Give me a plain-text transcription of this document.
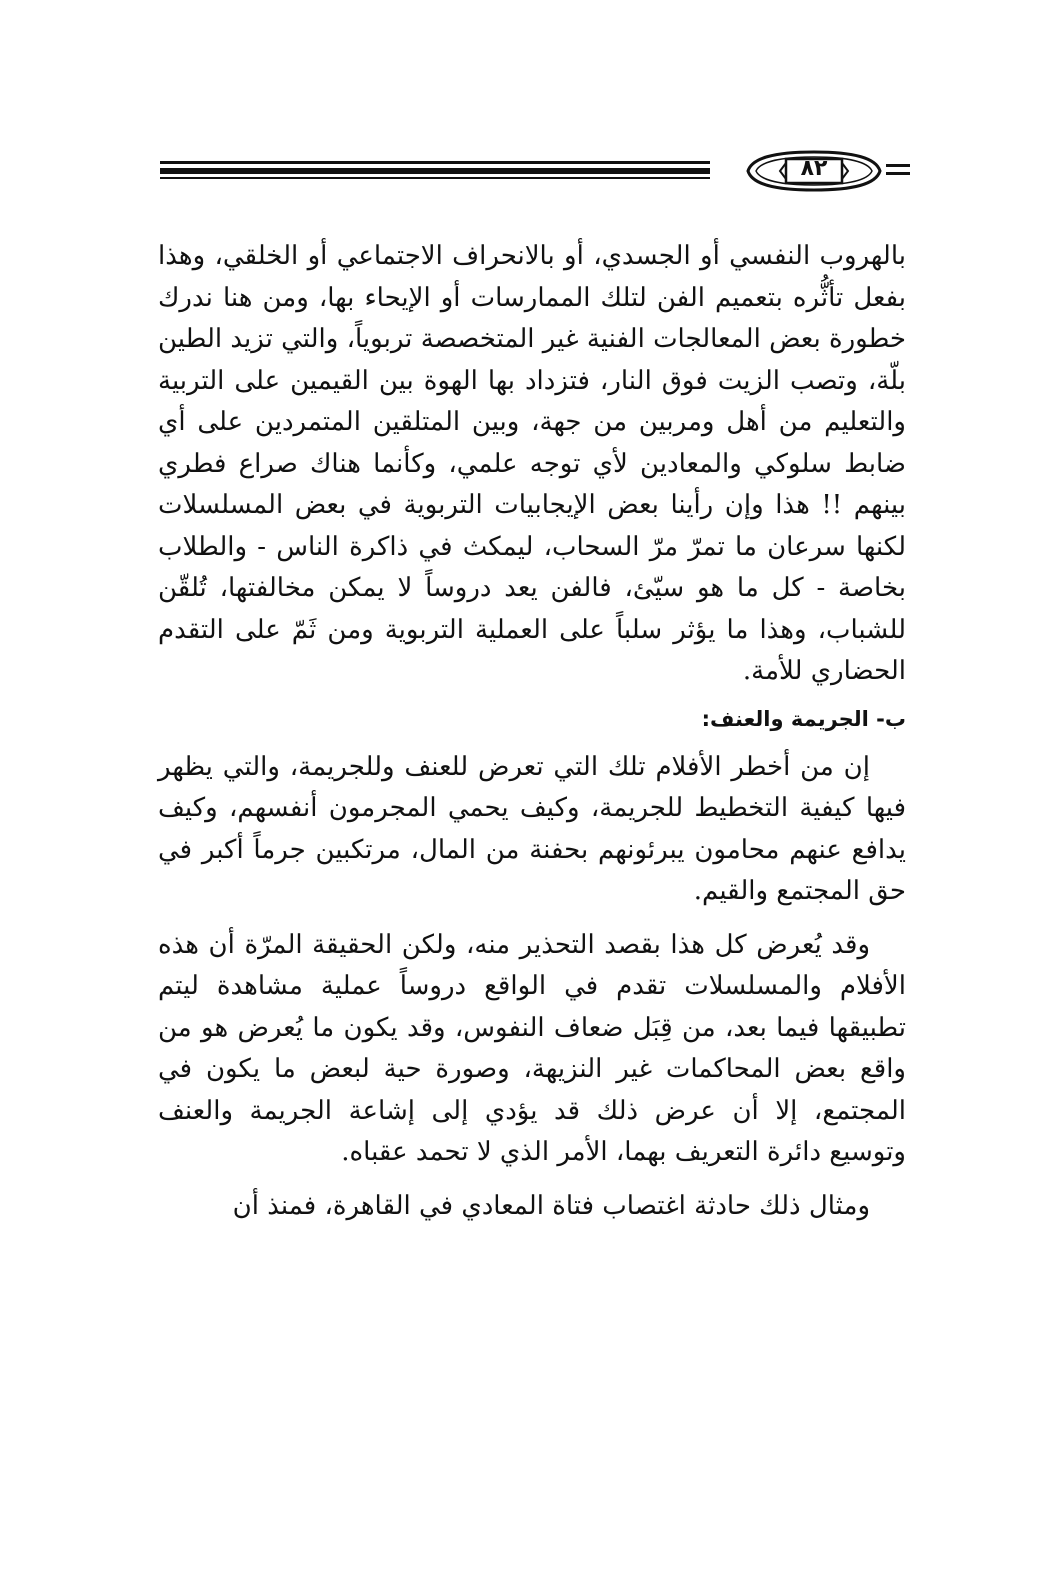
٨٢

بالهروب النفسي أو الجسدي، أو بالانحراف الاجتماعي أو الخلقي، وهذا بفعل تأثُّره بتعميم الفن لتلك الممارسات أو الإيحاء بها، ومن هنا ندرك خطورة بعض المعالجات الفنية غير المتخصصة تربوياً، والتي تزيد الطين بلّة، وتصب الزيت فوق النار، فتزداد بها الهوة بين القيمين على التربية والتعليم من أهل ومربين من جهة، وبين المتلقين المتمردين على أي ضابط سلوكي والمعادين لأي توجه علمي، وكأنما هناك صراع فطري بينهم !! هذا وإن رأينا بعض الإيجابيات التربوية في بعض المسلسلات لكنها سرعان ما تمرّ مرّ السحاب، ليمكث في ذاكرة الناس - والطلاب بخاصة - كل ما هو سيّئ، فالفن يعد دروساً لا يمكن مخالفتها، تُلقّن للشباب، وهذا ما يؤثر سلباً على العملية التربوية ومن ثَمّ على التقدم الحضاري للأمة.

ب- الجريمة والعنف:

إن من أخطر الأفلام تلك التي تعرض للعنف وللجريمة، والتي يظهر فيها كيفية التخطيط للجريمة، وكيف يحمي المجرمون أنفسهم، وكيف يدافع عنهم محامون يبرئونهم بحفنة من المال، مرتكبين جرماً أكبر في حق المجتمع والقيم.

وقد يُعرض كل هذا بقصد التحذير منه، ولكن الحقيقة المرّة أن هذه الأفلام والمسلسلات تقدم في الواقع دروساً عملية مشاهدة ليتم تطبيقها فيما بعد، من قِبَل ضعاف النفوس، وقد يكون ما يُعرض هو من واقع بعض المحاكمات غير النزيهة، وصورة حية لبعض ما يكون في المجتمع، إلا أن عرض ذلك قد يؤدي إلى إشاعة الجريمة والعنف وتوسيع دائرة التعريف بهما، الأمر الذي لا تحمد عقباه.

ومثال ذلك حادثة اغتصاب فتاة المعادي في القاهرة، فمنذ أن
